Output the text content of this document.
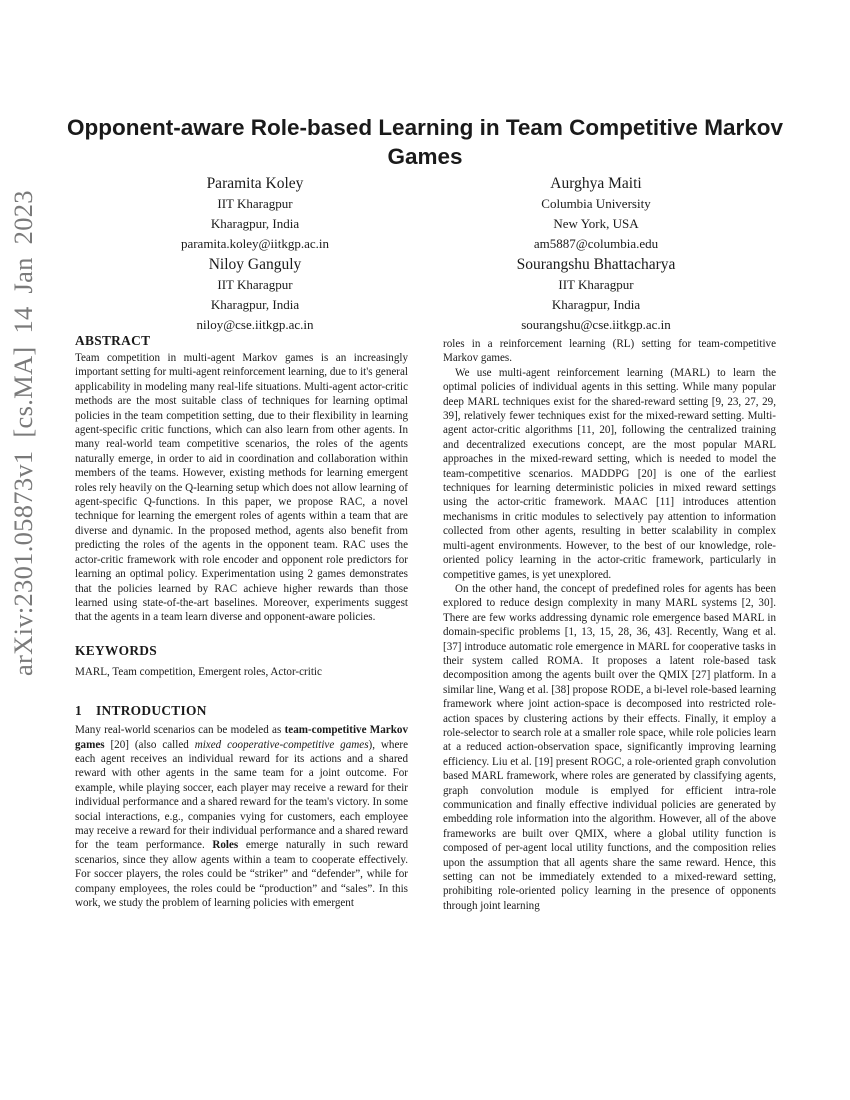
arXiv:2301.05873v1 [cs.MA] 14 Jan 2023
Opponent-aware Role-based Learning in Team Competitive Markov Games
Paramita Koley
IIT Kharagpur
Kharagpur, India
paramita.koley@iitkgp.ac.in
Aurghya Maiti
Columbia University
New York, USA
am5887@columbia.edu
Niloy Ganguly
IIT Kharagpur
Kharagpur, India
niloy@cse.iitkgp.ac.in
Sourangshu Bhattacharya
IIT Kharagpur
Kharagpur, India
sourangshu@cse.iitkgp.ac.in
ABSTRACT

Team competition in multi-agent Markov games is an increasingly important setting for multi-agent reinforcement learning, due to it's general applicability in modeling many real-life situations. Multi-agent actor-critic methods are the most suitable class of techniques for learning optimal policies in the team competition setting, due to their flexibility in learning agent-specific critic functions, which can also learn from other agents. In many real-world team competitive scenarios, the roles of the agents naturally emerge, in order to aid in coordination and collaboration within members of the teams. However, existing methods for learning emergent roles rely heavily on the Q-learning setup which does not allow learning of agent-specific Q-functions. In this paper, we propose RAC, a novel technique for learning the emergent roles of agents within a team that are diverse and dynamic. In the proposed method, agents also benefit from predicting the roles of the agents in the opponent team. RAC uses the actor-critic framework with role encoder and opponent role predictors for learning an optimal policy. Experimentation using 2 games demonstrates that the policies learned by RAC achieve higher rewards than those learned using state-of-the-art baselines. Moreover, experiments suggest that the agents in a team learn diverse and opponent-aware policies.

KEYWORDS

MARL, Team competition, Emergent roles, Actor-critic

1 INTRODUCTION

Many real-world scenarios can be modeled as team-competitive Markov games [20] (also called mixed cooperative-competitive games), where each agent receives an individual reward for its actions and a shared reward with other agents in the same team for a joint outcome. For example, while playing soccer, each player may receive a reward for their individual performance and a shared reward for the team's victory. In some social interactions, e.g., companies vying for customers, each employee may receive a reward for their individual performance and a shared reward for the team performance. Roles emerge naturally in such reward scenarios, since they allow agents within a team to cooperate effectively. For soccer players, the roles could be “striker” and “defender”, while for company employees, the roles could be “production” and “sales”. In this work, we study the problem of learning policies with emergent

roles in a reinforcement learning (RL) setting for team-competitive Markov games.

We use multi-agent reinforcement learning (MARL) to learn the optimal policies of individual agents in this setting. While many popular deep MARL techniques exist for the shared-reward setting [9, 23, 27, 29, 39], relatively fewer techniques exist for the mixed-reward setting. Multi-agent actor-critic algorithms [11, 20], following the centralized training and decentralized executions concept, are the most popular MARL approaches in the mixed-reward setting, which is needed to model the team-competitive scenarios. MADDPG [20] is one of the earliest techniques for learning deterministic policies in mixed reward settings using the actor-critic framework. MAAC [11] introduces attention mechanisms in critic modules to selectively pay attention to information collected from other agents, resulting in better scalability in complex multi-agent environments. However, to the best of our knowledge, role-oriented policy learning in the actor-critic framework, particularly in competitive games, is yet unexplored.

On the other hand, the concept of predefined roles for agents has been explored to reduce design complexity in many MARL systems [2, 30]. There are few works addressing dynamic role emergence based MARL in domain-specific problems [1, 13, 15, 28, 36, 43]. Recently, Wang et al. [37] introduce automatic role emergence in MARL for cooperative tasks in their system called ROMA. It proposes a latent role-based task decomposition among the agents built over the QMIX [27] platform. In a similar line, Wang et al. [38] propose RODE, a bi-level role-based learning framework where joint action-space is decomposed into restricted role-action spaces by clustering actions by their effects. Finally, it employ a role-selector to search role at a smaller role space, while role policies learn at a reduced action-observation space, significantly improving learning efficiency. Liu et al. [19] present ROGC, a role-oriented graph convolution based MARL framework, where roles are generated by classifying agents, graph convolution module is emplyed for efficient intra-role communication and finally effective individual policies are generated by embedding role information into the algorithm. However, all of the above frameworks are built over QMIX, where a global utility function is composed of per-agent local utility functions, and the composition relies upon the assumption that all agents share the same reward. Hence, this setting can not be immediately extended to a mixed-reward setting, prohibiting role-oriented policy learning in the presence of opponents through joint learning
